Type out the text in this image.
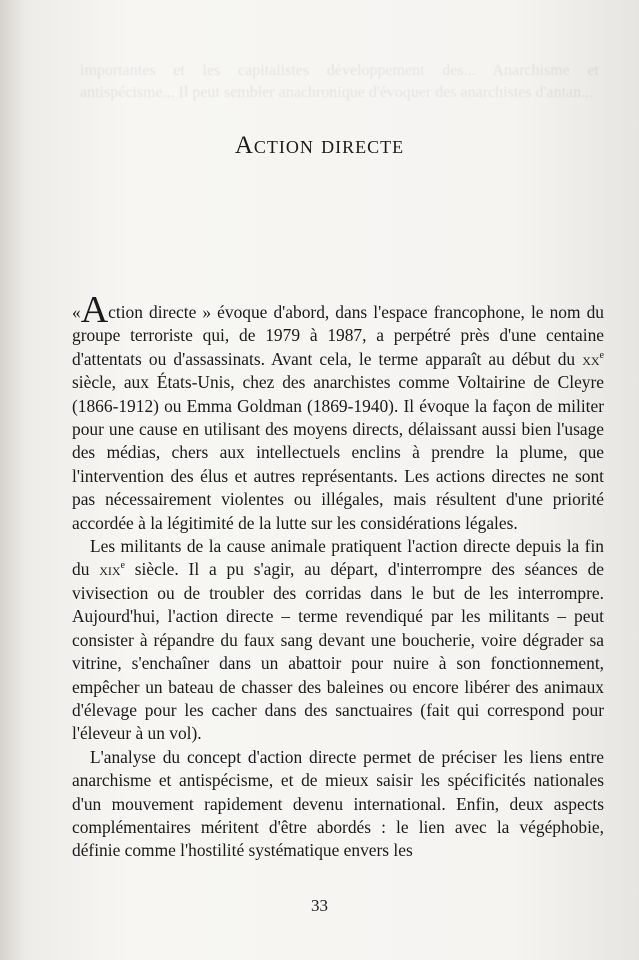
importantes et les capitalistes développement des... Anarchisme et antispécisme... Il peut sembler anachronique d'évoquer des anarchistes d'antan...
Action directe

«Action directe » évoque d'abord, dans l'espace francophone, le nom du groupe terroriste qui, de 1979 à 1987, a perpétré près d'une centaine d'attentats ou d'assassinats. Avant cela, le terme apparaît au début du $xx^e$ siècle, aux États-Unis, chez des anarchistes comme Voltairine de Cleyre (1866-1912) ou Emma Goldman (1869-1940). Il évoque la façon de militer pour une cause en utilisant des moyens directs, délaissant aussi bien l'usage des médias, chers aux intellectuels enclins à prendre la plume, que l'intervention des élus et autres représentants. Les actions directes ne sont pas nécessairement violentes ou illégales, mais résultent d'une priorité accordée à la légitimité de la lutte sur les considérations légales.

Les militants de la cause animale pratiquent l'action directe depuis la fin du xix$^e$ siècle. Il a pu s'agir, au départ, d'interrompre des séances de vivisection ou de troubler des corridas dans le but de les interrompre. Aujourd'hui, l'action directe – terme revendiqué par les militants – peut consister à répandre du faux sang devant une boucherie, voire dégrader sa vitrine, s'enchaîner dans un abattoir pour nuire à son fonctionnement, empêcher un bateau de chasser des baleines ou encore libérer des animaux d'élevage pour les cacher dans des sanctuaires (fait qui correspond pour l'éleveur à un vol).

L'analyse du concept d'action directe permet de préciser les liens entre anarchisme et antispécisme, et de mieux saisir les spécificités nationales d'un mouvement rapidement devenu international. Enfin, deux aspects complémentaires méritent d'être abordés : le lien avec la végéphobie, définie comme l'hostilité systématique envers les

33
